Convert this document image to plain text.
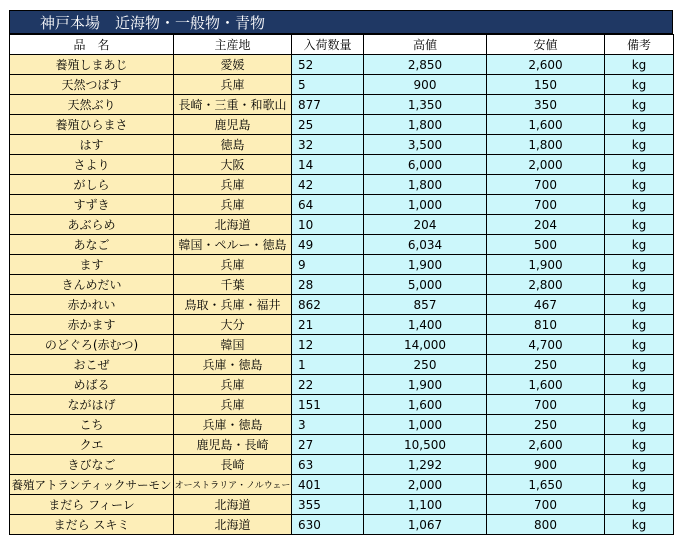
神戸本場　近海物・一般物・青物
品　名	主産地	入荷数量	高値	安値	備考
養殖しまあじ	愛媛	52	2,850	2,600	kg
天然つばす	兵庫	5	900	150	kg
天然ぶり	長崎・三重・和歌山	877	1,350	350	kg
養殖ひらまさ	鹿児島	25	1,800	1,600	kg
はす	徳島	32	3,500	1,800	kg
さより	大阪	14	6,000	2,000	kg
がしら	兵庫	42	1,800	700	kg
すずき	兵庫	64	1,000	700	kg
あぶらめ	北海道	10	204	204	kg
あなご	韓国・ペルー・徳島	49	6,034	500	kg
ます	兵庫	9	1,900	1,900	kg
きんめだい	千葉	28	5,000	2,800	kg
赤かれい	鳥取・兵庫・福井	862	857	467	kg
赤かます	大分	21	1,400	810	kg
のどぐろ(赤むつ)	韓国	12	14,000	4,700	kg
おこぜ	兵庫・徳島	1	250	250	kg
めばる	兵庫	22	1,900	1,600	kg
ながはげ	兵庫	151	1,600	700	kg
こち	兵庫・徳島	3	1,000	250	kg
クエ	鹿児島・長崎	27	10,500	2,600	kg
きびなご	長崎	63	1,292	900	kg
養殖アトランティックサーモン	オーストラリア・ノルウェー	401	2,000	1,650	kg
まだら フィーレ	北海道	355	1,100	700	kg
まだら スキミ	北海道	630	1,067	800	kg
